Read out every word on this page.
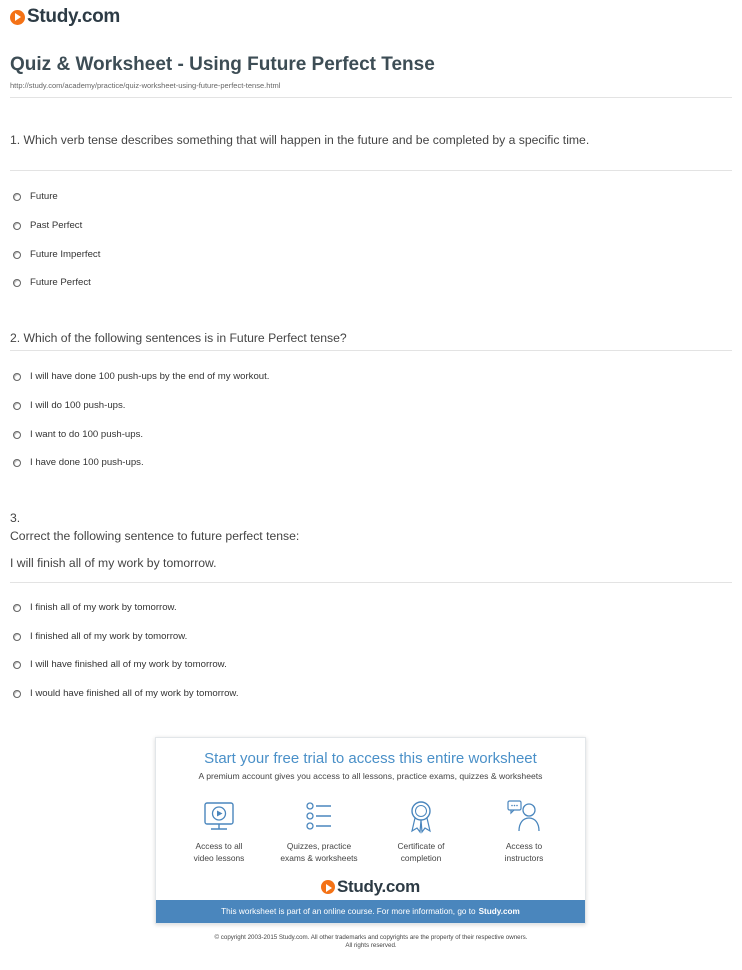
Study.com
Quiz & Worksheet - Using Future Perfect Tense
http://study.com/academy/practice/quiz-worksheet-using-future-perfect-tense.html
1. Which verb tense describes something that will happen in the future and be completed by a specific time.
Future
Past Perfect
Future Imperfect
Future Perfect
2. Which of the following sentences is in Future Perfect tense?
I will have done 100 push-ups by the end of my workout.
I will do 100 push-ups.
I want to do 100 push-ups.
I have done 100 push-ups.
3.
Correct the following sentence to future perfect tense:
I will finish all of my work by tomorrow.
I finish all of my work by tomorrow.
I finished all of my work by tomorrow.
I will have finished all of my work by tomorrow.
I would have finished all of my work by tomorrow.
Start your free trial to access this entire worksheet
A premium account gives you access to all lessons, practice exams, quizzes & worksheets
Access to all
video lessons
Quizzes, practice
exams & worksheets
Certificate of
completion
Access to
instructors
Study.com
This worksheet is part of an online course. For more information, go to Study.com
© copyright 2003-2015 Study.com. All other trademarks and copyrights are the property of their respective owners.
All rights reserved.
